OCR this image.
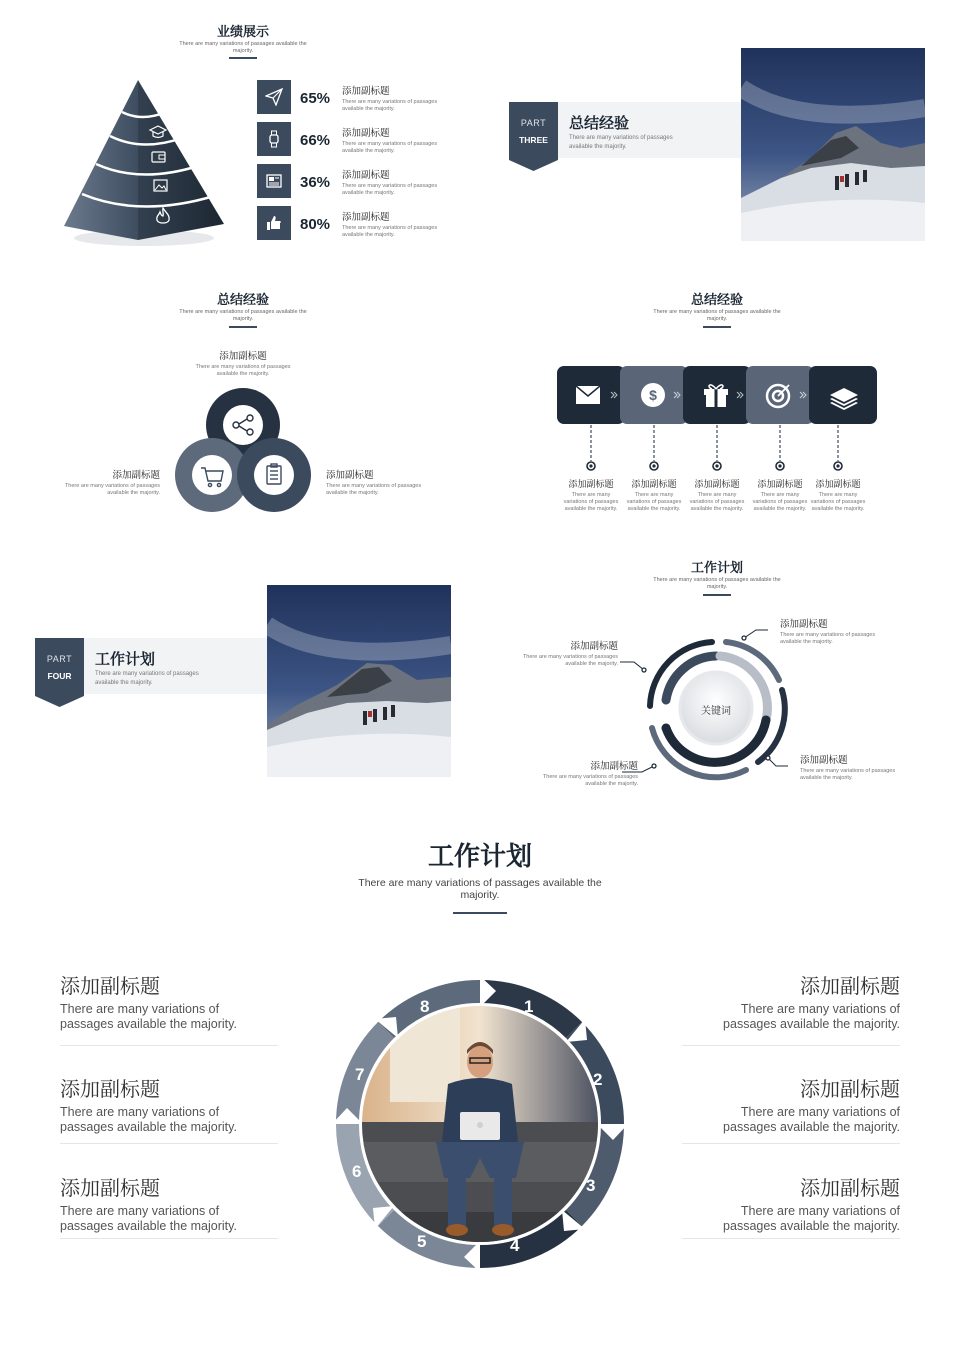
业绩展示
There are many variations of passages available the majority.
65% 添加副标题
There are many variations of passages available the majority.
66% 添加副标题
There are many variations of passages available the majority.
36% 添加副标题
There are many variations of passages available the majority.
80% 添加副标题
There are many variations of passages available the majority.
PART
THREE
总结经验
There are many variations of passages available the majority.
总结经验
There are many variations of passages available the majority.
添加副标题
There are many variations of passages available the majority.
添加副标题
There are many variations of passages available the majority.
添加副标题
There are many variations of passages available the majority.
总结经验
There are many variations of passages available the majority.
$
添加副标题
There are many variations of passages available the majority.
添加副标题
There are many variations of passages available the majority.
添加副标题
There are many variations of passages available the majority.
添加副标题
There are many variations of passages available the majority.
添加副标题
There are many variations of passages available the majority.
PART
FOUR
工作计划
There are many variations of passages available the majority.
工作计划
There are many variations of passages available the majority.
关键词
添加副标题
There are many variations of passages available the majority.
添加副标题
There are many variations of passages available the majority.
添加副标题
There are many variations of passages available the majority.
添加副标题
There are many variations of passages available the majority.
工作计划
There are many variations of passages available the majority.
添加副标题
There are many variations of passages available the majority.
添加副标题
There are many variations of passages available the majority.
添加副标题
There are many variations of passages available the majority.
添加副标题
There are many variations of passages available the majority.
添加副标题
There are many variations of passages available the majority.
添加副标题
There are many variations of passages available the majority.
1
2
3
4
5
6
7
8
